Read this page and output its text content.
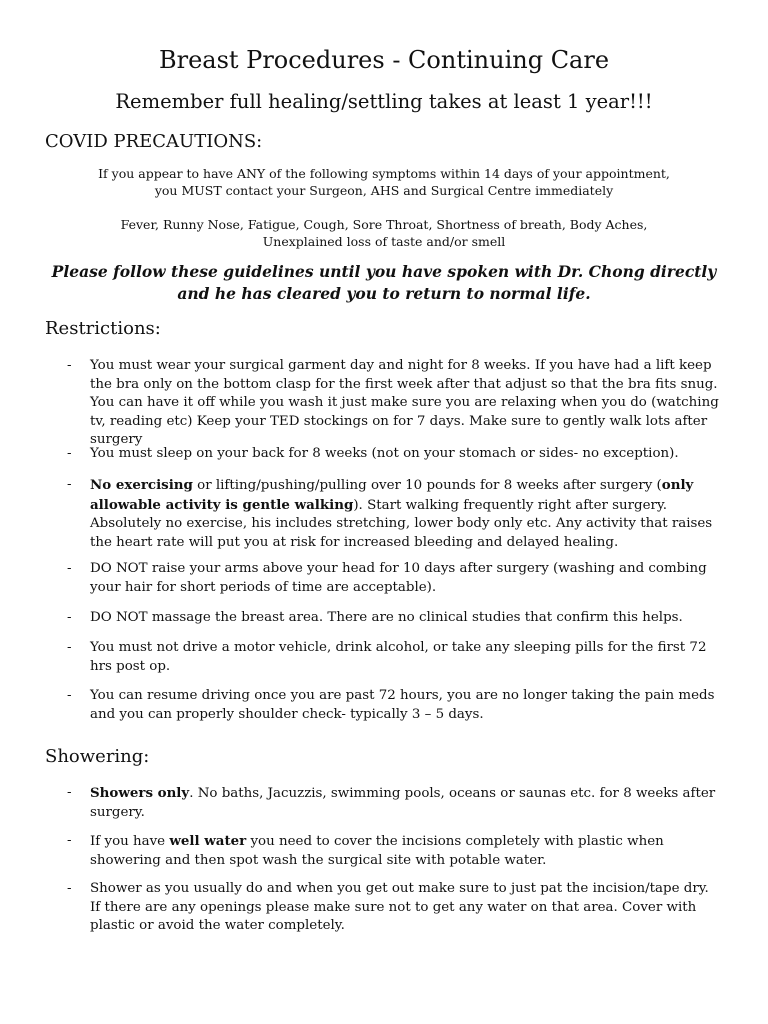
Breast Procedures - Continuing Care
Remember full healing/settling takes at least 1 year!!!
COVID PRECAUTIONS:
If you appear to have ANY of the following symptoms within 14 days of your appointment,
you MUST contact your Surgeon, AHS and Surgical Centre immediately
Fever, Runny Nose, Fatigue, Cough, Sore Throat, Shortness of breath, Body Aches,
Unexplained loss of taste and/or smell
Please follow these guidelines until you have spoken with Dr. Chong directly and he has cleared you to return to normal life.
Restrictions:
- You must wear your surgical garment day and night for 8 weeks. If you have had a lift keep the bra only on the bottom clasp for the first week after that adjust so that the bra fits snug. You can have it off while you wash it just make sure you are relaxing when you do (watching tv, reading etc) Keep your TED stockings on for 7 days. Make sure to gently walk lots after surgery
- You must sleep on your back for 8 weeks (not on your stomach or sides- no exception).
- No exercising or lifting/pushing/pulling over 10 pounds for 8 weeks after surgery (only allowable activity is gentle walking). Start walking frequently right after surgery. Absolutely no exercise, his includes stretching, lower body only etc. Any activity that raises the heart rate will put you at risk for increased bleeding and delayed healing.
- DO NOT raise your arms above your head for 10 days after surgery (washing and combing your hair for short periods of time are acceptable).
- DO NOT massage the breast area. There are no clinical studies that confirm this helps.
- You must not drive a motor vehicle, drink alcohol, or take any sleeping pills for the first 72 hrs post op.
- You can resume driving once you are past 72 hours, you are no longer taking the pain meds and you can properly shoulder check- typically 3 – 5 days.
Showering:
- Showers only. No baths, Jacuzzis, swimming pools, oceans or saunas etc. for 8 weeks after surgery.
- If you have well water you need to cover the incisions completely with plastic when showering and then spot wash the surgical site with potable water.
- Shower as you usually do and when you get out make sure to just pat the incision/tape dry. If there are any openings please make sure not to get any water on that area. Cover with plastic or avoid the water completely.
